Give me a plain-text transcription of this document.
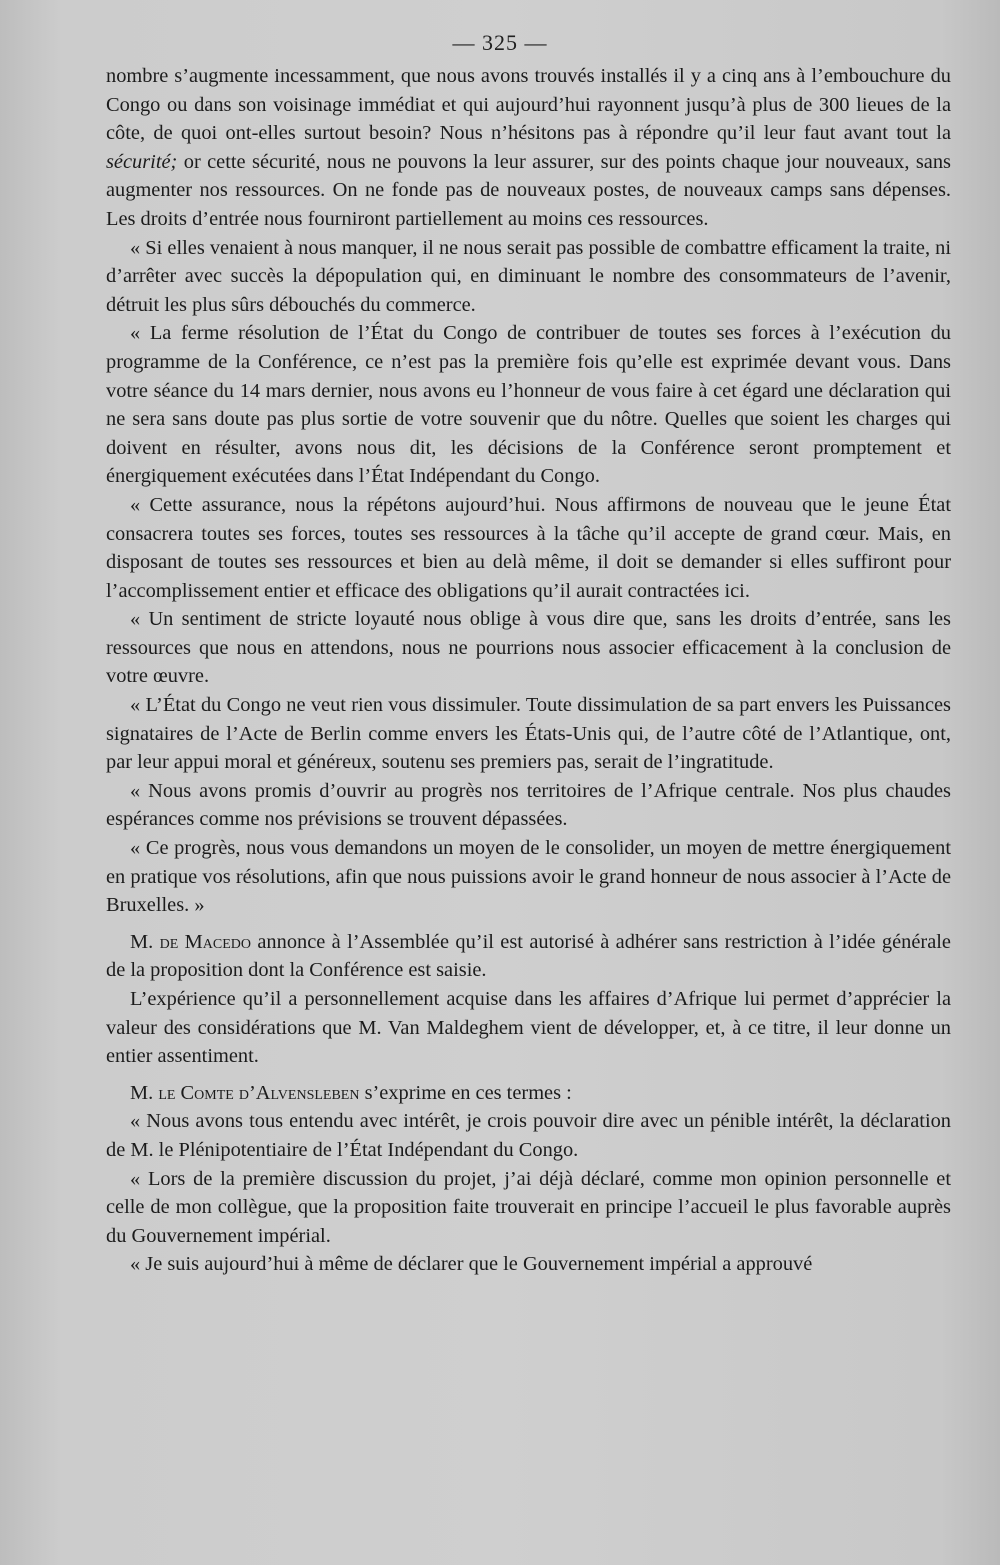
— 325 —

nombre s’augmente incessamment, que nous avons trouvés installés il y a cinq ans à l’embouchure du Congo ou dans son voisinage immédiat et qui aujourd’hui rayonnent jusqu’à plus de 300 lieues de la côte, de quoi ont-elles surtout besoin? Nous n’hésitons pas à répondre qu’il leur faut avant tout la sécurité; or cette sécurité, nous ne pouvons la leur assurer, sur des points chaque jour nouveaux, sans augmenter nos ressources. On ne fonde pas de nouveaux postes, de nouveaux camps sans dépenses. Les droits d’entrée nous fourniront partiellement au moins ces ressources.

« Si elles venaient à nous manquer, il ne nous serait pas possible de combattre efficament la traite, ni d’arrêter avec succès la dépopulation qui, en diminuant le nombre des consommateurs de l’avenir, détruit les plus sûrs débouchés du commerce.

« La ferme résolution de l’État du Congo de contribuer de toutes ses forces à l’exécution du programme de la Conférence, ce n’est pas la première fois qu’elle est exprimée devant vous. Dans votre séance du 14 mars dernier, nous avons eu l’honneur de vous faire à cet égard une déclaration qui ne sera sans doute pas plus sortie de votre souvenir que du nôtre. Quelles que soient les charges qui doivent en résulter, avons nous dit, les décisions de la Conférence seront promptement et énergiquement exécutées dans l’État Indépendant du Congo.

« Cette assurance, nous la répétons aujourd’hui. Nous affirmons de nouveau que le jeune État consacrera toutes ses forces, toutes ses ressources à la tâche qu’il accepte de grand cœur. Mais, en disposant de toutes ses ressources et bien au delà même, il doit se demander si elles suffiront pour l’accomplissement entier et efficace des obligations qu’il aurait contractées ici.

« Un sentiment de stricte loyauté nous oblige à vous dire que, sans les droits d’entrée, sans les ressources que nous en attendons, nous ne pourrions nous associer efficacement à la conclusion de votre œuvre.

« L’État du Congo ne veut rien vous dissimuler. Toute dissimulation de sa part envers les Puissances signataires de l’Acte de Berlin comme envers les États-Unis qui, de l’autre côté de l’Atlantique, ont, par leur appui moral et généreux, soutenu ses premiers pas, serait de l’ingratitude.

« Nous avons promis d’ouvrir au progrès nos territoires de l’Afrique centrale. Nos plus chaudes espérances comme nos prévisions se trouvent dépassées.

« Ce progrès, nous vous demandons un moyen de le consolider, un moyen de mettre énergiquement en pratique vos résolutions, afin que nous puissions avoir le grand honneur de nous associer à l’Acte de Bruxelles. »

M. de Macedo annonce à l’Assemblée qu’il est autorisé à adhérer sans restriction à l’idée générale de la proposition dont la Conférence est saisie.

L’expérience qu’il a personnellement acquise dans les affaires d’Afrique lui permet d’apprécier la valeur des considérations que M. Van Maldeghem vient de développer, et, à ce titre, il leur donne un entier assentiment.

M. le Comte d’Alvensleben s’exprime en ces termes :

« Nous avons tous entendu avec intérêt, je crois pouvoir dire avec un pénible intérêt, la déclaration de M. le Plénipotentiaire de l’État Indépendant du Congo.

« Lors de la première discussion du projet, j’ai déjà déclaré, comme mon opinion personnelle et celle de mon collègue, que la proposition faite trouverait en principe l’accueil le plus favorable auprès du Gouvernement impérial.

« Je suis aujourd’hui à même de déclarer que le Gouvernement impérial a approuvé
